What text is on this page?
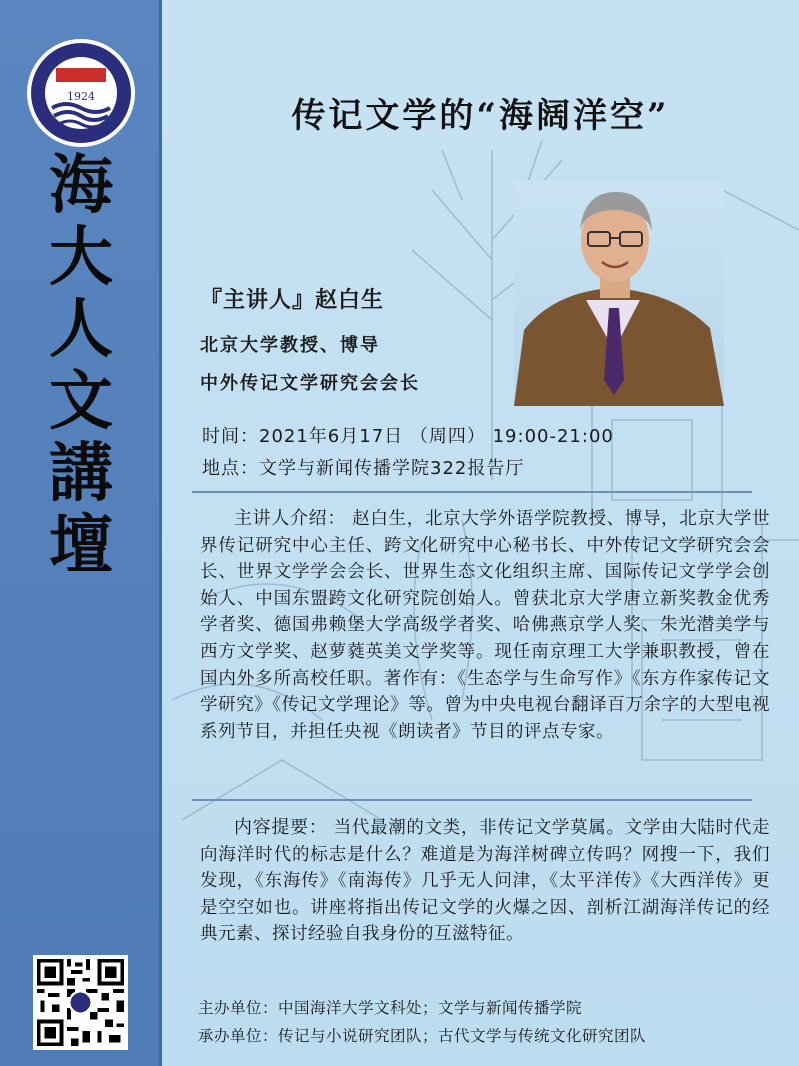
1924
海
大
人
文
講
壇
传记文学的“海阔洋空”
『主讲人』赵白生
北京大学教授、博导
中外传记文学研究会会长
时间：2021年6月17日 （周四） 19:00-21:00
地点：文学与新闻传播学院322报告厅
主讲人介绍： 赵白生，北京大学外语学院教授、博导，北京大学世界传记研究中心主任、跨文化研究中心秘书长、中外传记文学研究会会长、世界文学学会会长、世界生态文化组织主席、国际传记文学学会创始人、中国东盟跨文化研究院创始人。曾获北京大学唐立新奖教金优秀学者奖、德国弗赖堡大学高级学者奖、哈佛燕京学人奖、朱光潜美学与西方文学奖、赵萝蕤英美文学奖等。现任南京理工大学兼职教授，曾在国内外多所高校任职。著作有：《生态学与生命写作》《东方作家传记文学研究》《传记文学理论》等。曾为中央电视台翻译百万余字的大型电视系列节目，并担任央视《朗读者》节目的评点专家。
内容提要： 当代最潮的文类，非传记文学莫属。文学由大陆时代走向海洋时代的标志是什么？难道是为海洋树碑立传吗？网搜一下，我们发现，《东海传》《南海传》几乎无人问津，《太平洋传》《大西洋传》更是空空如也。讲座将指出传记文学的火爆之因、剖析江湖海洋传记的经典元素、探讨经验自我身份的互滋特征。
主办单位：中国海洋大学文科处；文学与新闻传播学院
承办单位：传记与小说研究团队；古代文学与传统文化研究团队
